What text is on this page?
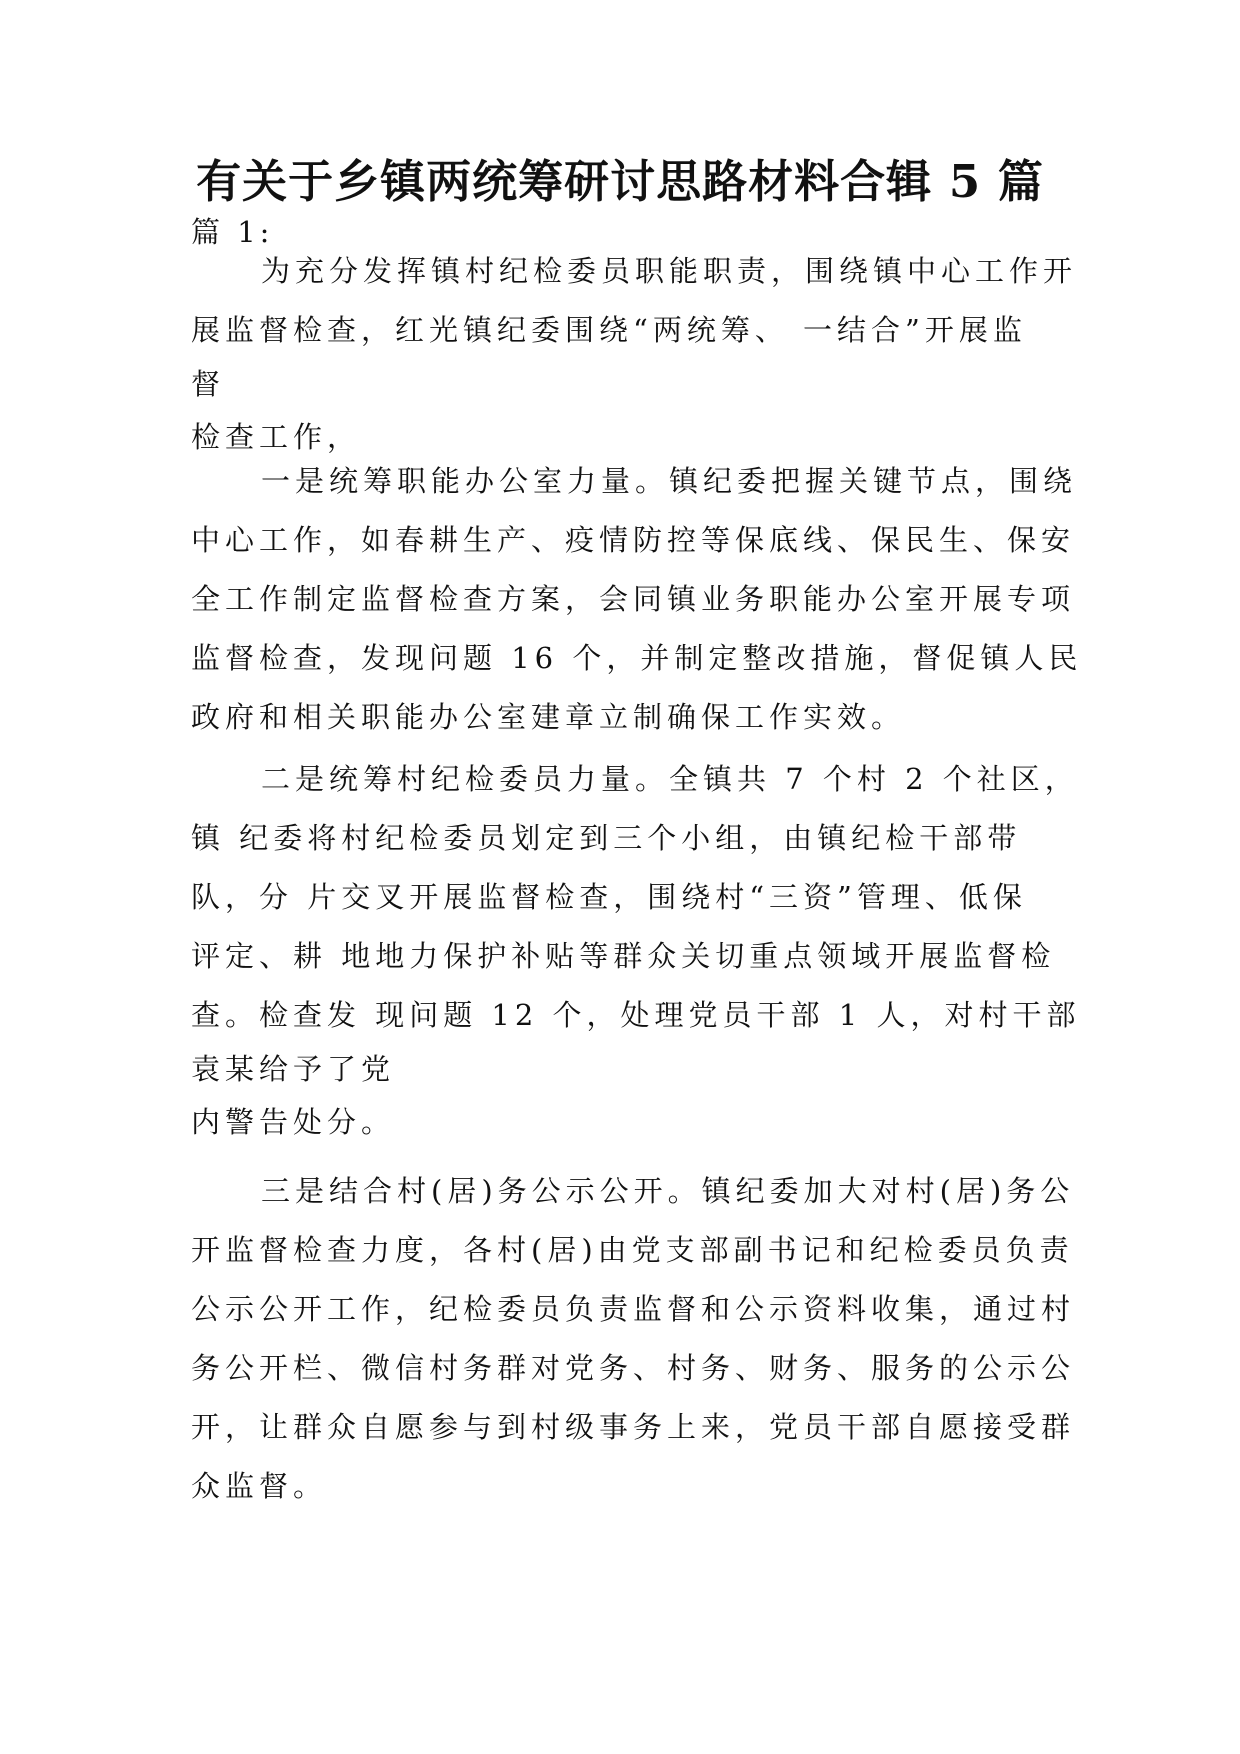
有关于乡镇两统筹研讨思路材料合辑 5 篇
篇 1:
为充分发挥镇村纪检委员职能职责，围绕镇中心工作开
展监督检查，红光镇纪委围绕“两统筹、 一结合”开展监
督
检查工作，
一是统筹职能办公室力量。镇纪委把握关键节点，围绕
中心工作，如春耕生产、疫情防控等保底线、保民生、保安
全工作制定监督检查方案，会同镇业务职能办公室开展专项
监督检查，发现问题 16 个，并制定整改措施，督促镇人民
政府和相关职能办公室建章立制确保工作实效。
二是统筹村纪检委员力量。全镇共 7 个村 2 个社区，
镇 纪委将村纪检委员划定到三个小组，由镇纪检干部带
队，分 片交叉开展监督检查，围绕村“三资”管理、低保
评定、耕 地地力保护补贴等群众关切重点领域开展监督检
查。检查发 现问题 12 个，处理党员干部 1 人，对村干部
袁某给予了党
内警告处分。
三是结合村(居)务公示公开。镇纪委加大对村(居)务公
开监督检查力度，各村(居)由党支部副书记和纪检委员负责
公示公开工作，纪检委员负责监督和公示资料收集，通过村
务公开栏、微信村务群对党务、村务、财务、服务的公示公
开，让群众自愿参与到村级事务上来，党员干部自愿接受群
众监督。
